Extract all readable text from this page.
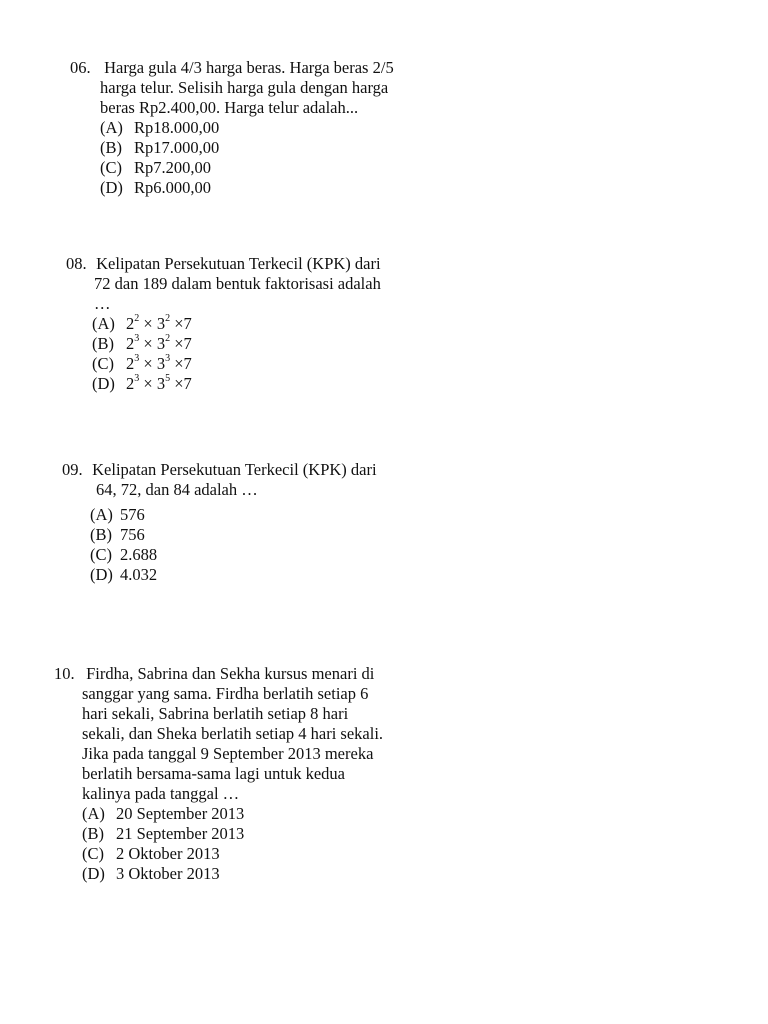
06. Harga gula 4/3 harga beras. Harga beras 2/5
harga telur. Selisih harga gula dengan harga
beras Rp2.400,00. Harga telur adalah...
(A) Rp18.000,00
(B) Rp17.000,00
(C) Rp7.200,00
(D) Rp6.000,00
08. Kelipatan Persekutuan Terkecil (KPK) dari
72 dan 189 dalam bentuk faktorisasi adalah
…
(A) $2^2 \times 3^2 \times 7$
(B) $2^3 \times 3^2 \times 7$
(C) $2^3 \times 3^3 \times 7$
(D) $2^3 \times 3^5 \times 7$
09. Kelipatan Persekutuan Terkecil (KPK) dari
64, 72, dan 84 adalah …
(A) 576
(B) 756
(C) 2.688
(D) 4.032
10. Firdha, Sabrina dan Sekha kursus menari di
sanggar yang sama. Firdha berlatih setiap 6
hari sekali, Sabrina berlatih setiap 8 hari
sekali, dan Sheka berlatih setiap 4 hari sekali.
Jika pada tanggal 9 September 2013 mereka
berlatih bersama-sama lagi untuk kedua
kalinya pada tanggal …
(A) 20 September 2013
(B) 21 September 2013
(C) 2 Oktober 2013
(D) 3 Oktober 2013
